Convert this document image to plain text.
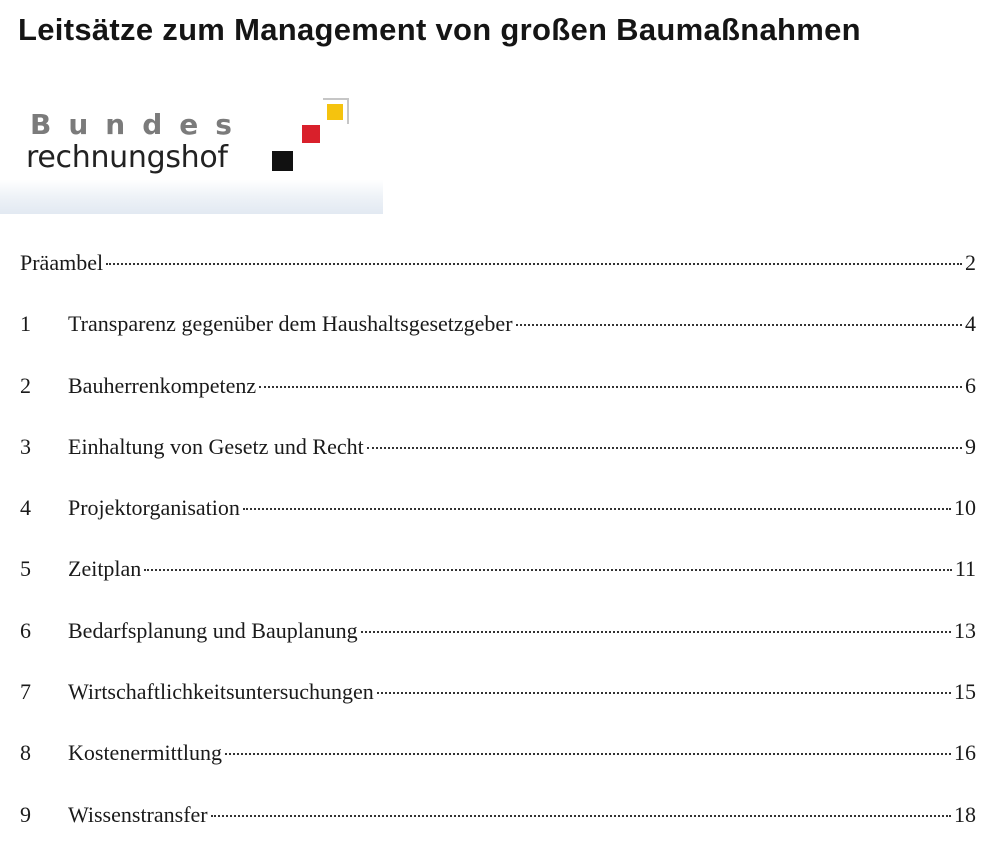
Leitsätze zum Management von großen Baumaßnahmen
Bundes
rechnungshof
Präambel	2
1	Transparenz gegenüber dem Haushaltsgesetzgeber	4
2	Bauherrenkompetenz	6
3	Einhaltung von Gesetz und Recht	9
4	Projektorganisation	10
5	Zeitplan	11
6	Bedarfsplanung und Bauplanung	13
7	Wirtschaftlichkeitsuntersuchungen	15
8	Kostenermittlung	16
9	Wissenstransfer	18
